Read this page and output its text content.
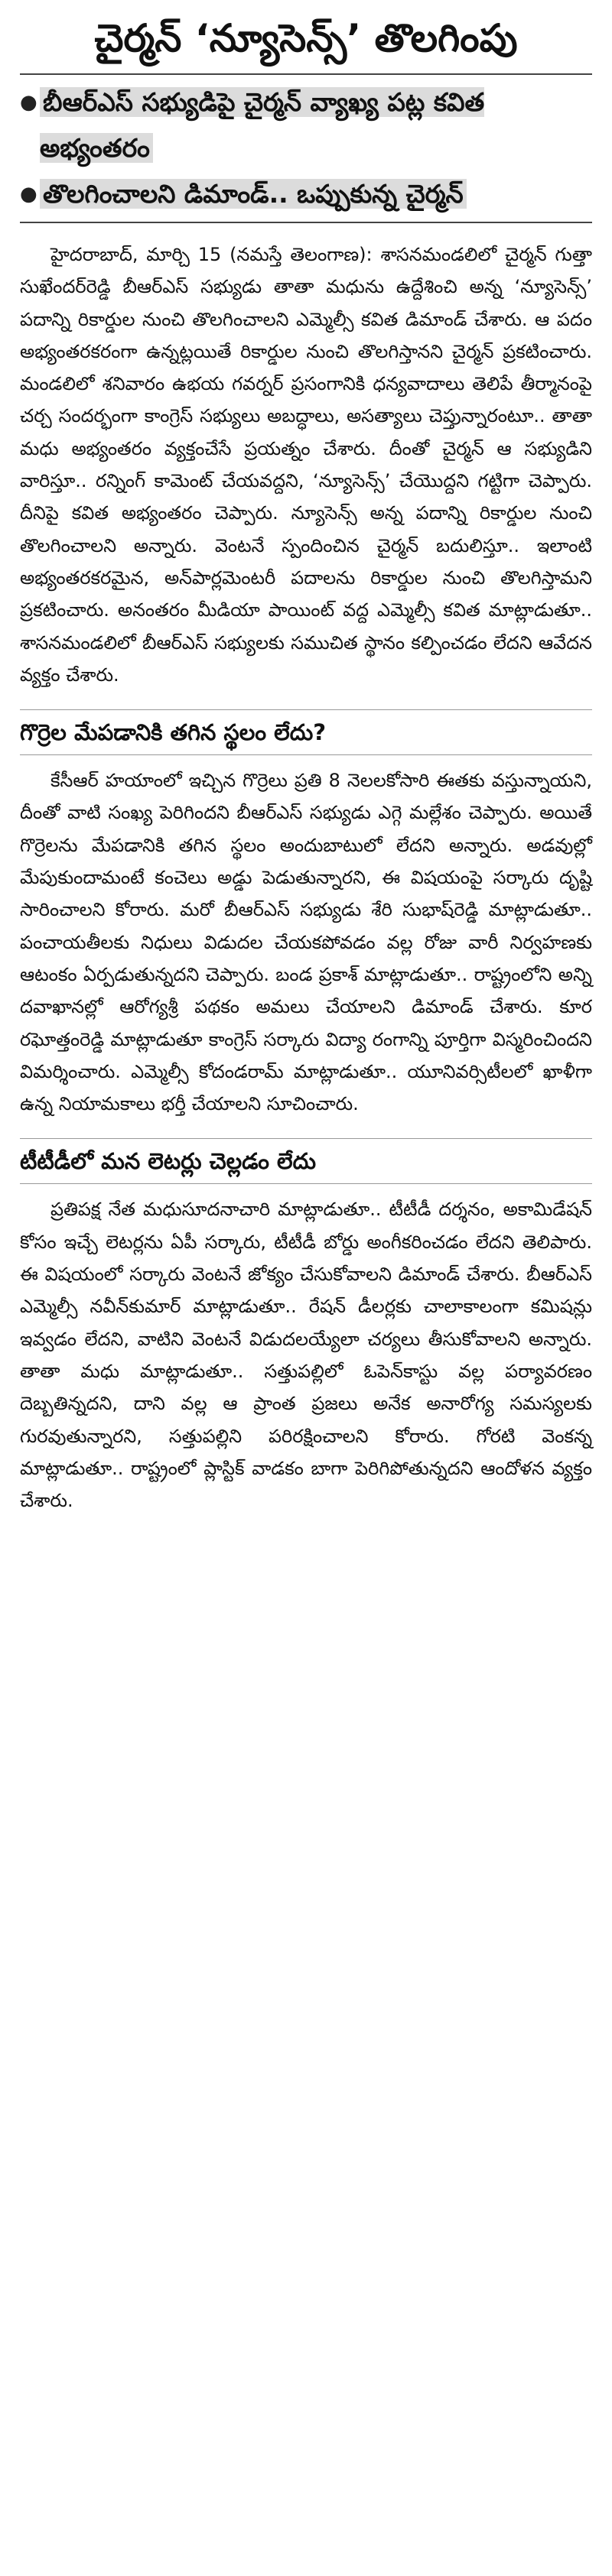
చైర్మన్ ‘న్యూసెన్స్’ తొలగింపు
● బీఆర్ఎస్ సభ్యుడిపై చైర్మన్ వ్యాఖ్య పట్ల కవిత అభ్యంతరం
● తొలగించాలని డిమాండ్.. ఒప్పుకున్న చైర్మన్

హైదరాబాద్, మార్చి 15 (నమస్తే తెలంగాణ): శాసనమండలిలో చైర్మన్ గుత్తా సుఖేందర్‌రెడ్డి బీఆర్ఎస్ సభ్యుడు తాతా మధును ఉద్దేశించి అన్న ‘న్యూసెన్స్’ పదాన్ని రికార్డుల నుంచి తొలగించాలని ఎమ్మెల్సీ కవిత డిమాండ్ చేశారు. ఆ పదం అభ్యంతరకరంగా ఉన్నట్లయితే రికార్డుల నుంచి తొలగిస్తానని చైర్మన్ ప్రకటించారు. మండలిలో శనివారం ఉభయ గవర్నర్ ప్రసంగానికి ధన్యవాదాలు తెలిపే తీర్మానంపై చర్చ సందర్భంగా కాంగ్రెస్ సభ్యులు అబద్ధాలు, అసత్యాలు చెప్తున్నారంటూ.. తాతా మధు అభ్యంతరం వ్యక్తంచేసే ప్రయత్నం చేశారు. దీంతో చైర్మన్ ఆ సభ్యుడిని వారిస్తూ.. రన్నింగ్ కామెంట్ చేయవద్దని, ‘న్యూసెన్స్’ చేయొద్దని గట్టిగా చెప్పారు. దీనిపై కవిత అభ్యంతరం చెప్పారు. న్యూసెన్స్ అన్న పదాన్ని రికార్డుల నుంచి తొలగించాలని అన్నారు. వెంటనే స్పందించిన చైర్మన్ బదులిస్తూ.. ఇలాంటి అభ్యంతరకరమైన, అన్‌పార్లమెంటరీ పదాలను రికార్డుల నుంచి తొలగిస్తామని ప్రకటించారు. అనంతరం మీడియా పాయింట్ వద్ద ఎమ్మెల్సీ కవిత మాట్లాడుతూ.. శాసనమండలిలో బీఆర్ఎస్ సభ్యులకు సముచిత స్థానం కల్పించడం లేదని ఆవేదన వ్యక్తం చేశారు.

గొర్రెల మేపడానికి తగిన స్థలం లేదు?

కేసీఆర్ హయాంలో ఇచ్చిన గొర్రెలు ప్రతి 8 నెలలకోసారి ఈతకు వస్తున్నాయని, దీంతో వాటి సంఖ్య పెరిగిందని బీఆర్ఎస్ సభ్యుడు ఎగ్గె మల్లేశం చెప్పారు. అయితే గొర్రెలను మేపడానికి తగిన స్థలం అందుబాటులో లేదని అన్నారు. అడవుల్లో మేపుకుందామంటే కంచెలు అడ్డు పెడుతున్నారని, ఈ విషయంపై సర్కారు దృష్టి సారించాలని కోరారు. మరో బీఆర్ఎస్ సభ్యుడు శేరి సుభాష్‌రెడ్డి మాట్లాడుతూ.. పంచాయతీలకు నిధులు విడుదల చేయకపోవడం వల్ల రోజు వారీ నిర్వహణకు ఆటంకం ఏర్పడుతున్నదని చెప్పారు. బండ ప్రకాశ్ మాట్లాడుతూ.. రాష్ట్రంలోని అన్ని దవాఖానల్లో ఆరోగ్యశ్రీ పథకం అమలు చేయాలని డిమాండ్ చేశారు. కూర రఘోత్తంరెడ్డి మాట్లాడుతూ కాంగ్రెస్ సర్కారు విద్యా రంగాన్ని పూర్తిగా విస్మరించిందని విమర్శించారు. ఎమ్మెల్సీ కోదండరామ్ మాట్లాడుతూ.. యూనివర్సిటీలలో ఖాళీగా ఉన్న నియామకాలు భర్తీ చేయాలని సూచించారు.

టీటీడీలో మన లెటర్లు చెల్లడం లేదు

ప్రతిపక్ష నేత మధుసూదనాచారి మాట్లాడుతూ.. టీటీడీ దర్శనం, అకామిడేషన్ కోసం ఇచ్చే లెటర్లను ఏపీ సర్కారు, టీటీడీ బోర్డు అంగీకరించడం లేదని తెలిపారు. ఈ విషయంలో సర్కారు వెంటనే జోక్యం చేసుకోవాలని డిమాండ్ చేశారు. బీఆర్ఎస్ ఎమ్మెల్సీ నవీన్‌కుమార్ మాట్లాడుతూ.. రేషన్ డీలర్లకు చాలాకాలంగా కమిషన్లు ఇవ్వడం లేదని, వాటిని వెంటనే విడుదలయ్యేలా చర్యలు తీసుకోవాలని అన్నారు. తాతా మధు మాట్లాడుతూ.. సత్తుపల్లిలో ఓపెన్‌కాస్టు వల్ల పర్యావరణం దెబ్బతిన్నదని, దాని వల్ల ఆ ప్రాంత ప్రజలు అనేక అనారోగ్య సమస్యలకు గురవుతున్నారని, సత్తుపల్లిని పరిరక్షించాలని కోరారు. గోరటి వెంకన్న మాట్లాడుతూ.. రాష్ట్రంలో ప్లాస్టిక్ వాడకం బాగా పెరిగిపోతున్నదని ఆందోళన వ్యక్తం చేశారు.
